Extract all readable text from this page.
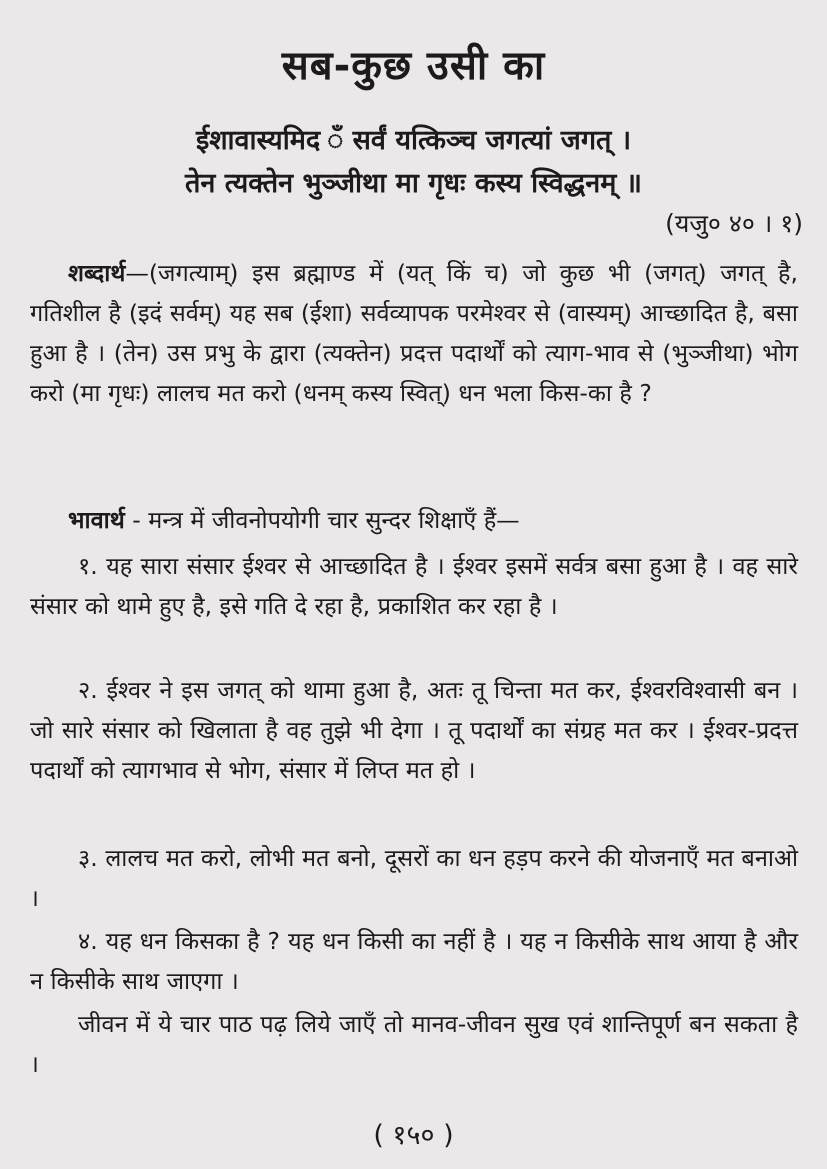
सब-कुछ उसी का

ईशावास्यमिद ँ सर्वं यत्किञ्च जगत्यां जगत् ।

तेन त्यक्तेन भुञ्जीथा मा गृधः कस्य स्विद्धनम् ॥

(यजु० ४० । १)

शब्दार्थ—(जगत्याम्) इस ब्रह्माण्ड में (यत् किं च) जो कुछ भी (जगत्) जगत् है, गतिशील है (इदं सर्वम्) यह सब (ईशा) सर्वव्यापक परमेश्वर से (वास्यम्) आच्छादित है, बसा हुआ है । (तेन) उस प्रभु के द्वारा (त्यक्तेन) प्रदत्त पदार्थों को त्याग-भाव से (भुञ्जीथा) भोग करो (मा गृधः) लालच मत करो (धनम् कस्य स्वित्) धन भला किस-का है ?

भावार्थ - मन्त्र में जीवनोपयोगी चार सुन्दर शिक्षाएँ हैं—

१. यह सारा संसार ईश्वर से आच्छादित है । ईश्वर इसमें सर्वत्र बसा हुआ है । वह सारे संसार को थामे हुए है, इसे गति दे रहा है, प्रकाशित कर रहा है ।

२. ईश्वर ने इस जगत् को थामा हुआ है, अतः तू चिन्ता मत कर, ईश्वरविश्वासी बन । जो सारे संसार को खिलाता है वह तुझे भी देगा । तू पदार्थों का संग्रह मत कर । ईश्वर-प्रदत्त पदार्थों को त्यागभाव से भोग, संसार में लिप्त मत हो ।

३. लालच मत करो, लोभी मत बनो, दूसरों का धन हड़प करने की योजनाएँ मत बनाओ ।

४. यह धन किसका है ? यह धन किसी का नहीं है । यह न किसीके साथ आया है और न किसीके साथ जाएगा ।

जीवन में ये चार पाठ पढ़ लिये जाएँ तो मानव-जीवन सुख एवं शान्तिपूर्ण बन सकता है ।

( १५० )
